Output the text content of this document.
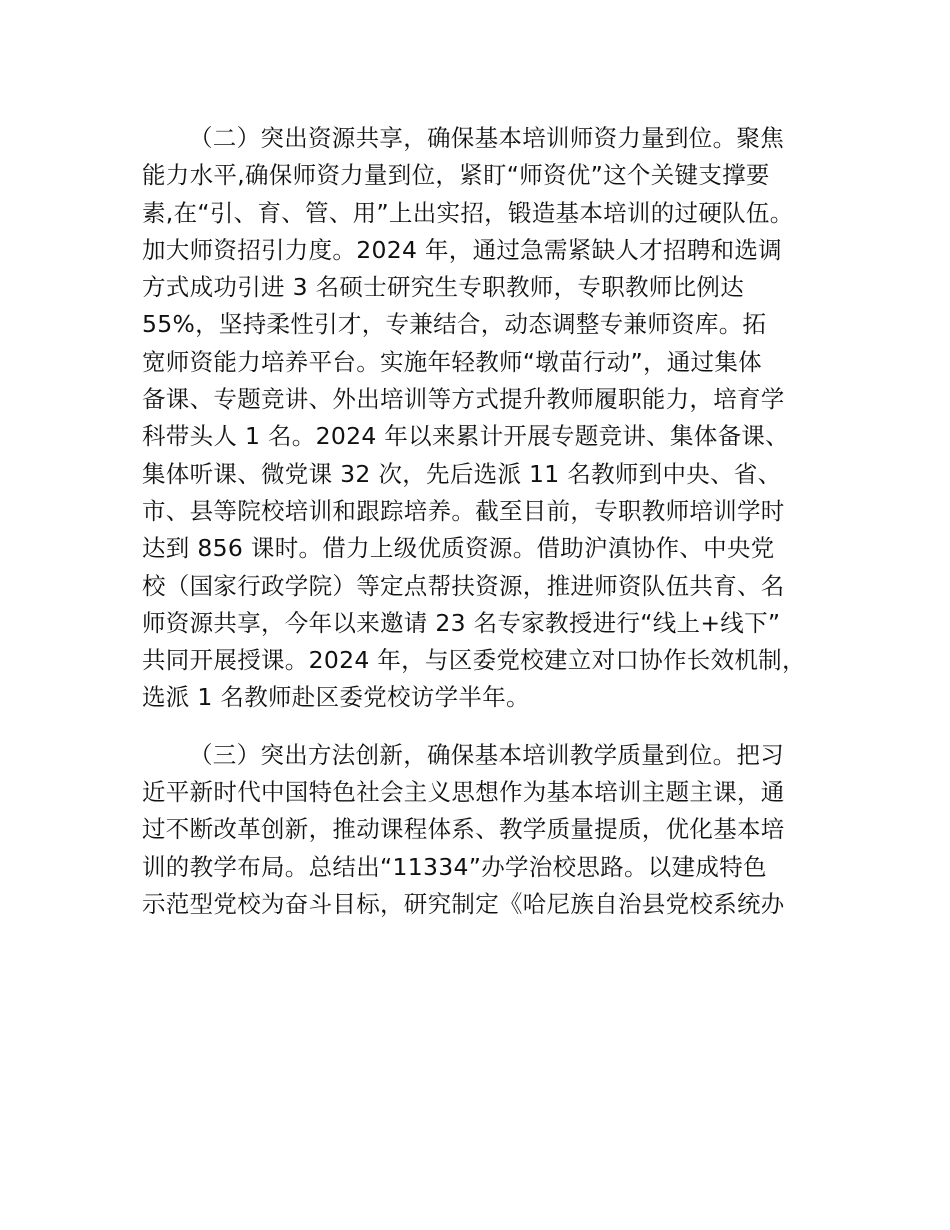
（二）突出资源共享，确保基本培训师资力量到位。聚焦
能力水平,确保师资力量到位，紧盯“师资优”这个关键支撑要
素,在“引、育、管、用”上出实招，锻造基本培训的过硬队伍。
加大师资招引力度。2024 年，通过急需紧缺人才招聘和选调
方式成功引进 3 名硕士研究生专职教师，专职教师比例达
55%，坚持柔性引才，专兼结合，动态调整专兼师资库。拓
宽师资能力培养平台。实施年轻教师“墩苗行动”，通过集体
备课、专题竞讲、外出培训等方式提升教师履职能力，培育学
科带头人 1 名。2024 年以来累计开展专题竞讲、集体备课、
集体听课、微党课 32 次，先后选派 11 名教师到中央、省、
市、县等院校培训和跟踪培养。截至目前，专职教师培训学时
达到 856 课时。借力上级优质资源。借助沪滇协作、中央党
校（国家行政学院）等定点帮扶资源，推进师资队伍共育、名
师资源共享，今年以来邀请 23 名专家教授进行“线上+线下”
共同开展授课。2024 年，与区委党校建立对口协作长效机制，
选派 1 名教师赴区委党校访学半年。

（三）突出方法创新，确保基本培训教学质量到位。把习
近平新时代中国特色社会主义思想作为基本培训主题主课，通
过不断改革创新，推动课程体系、教学质量提质，优化基本培
训的教学布局。总结出“11334”办学治校思路。以建成特色
示范型党校为奋斗目标，研究制定《哈尼族自治县党校系统办
